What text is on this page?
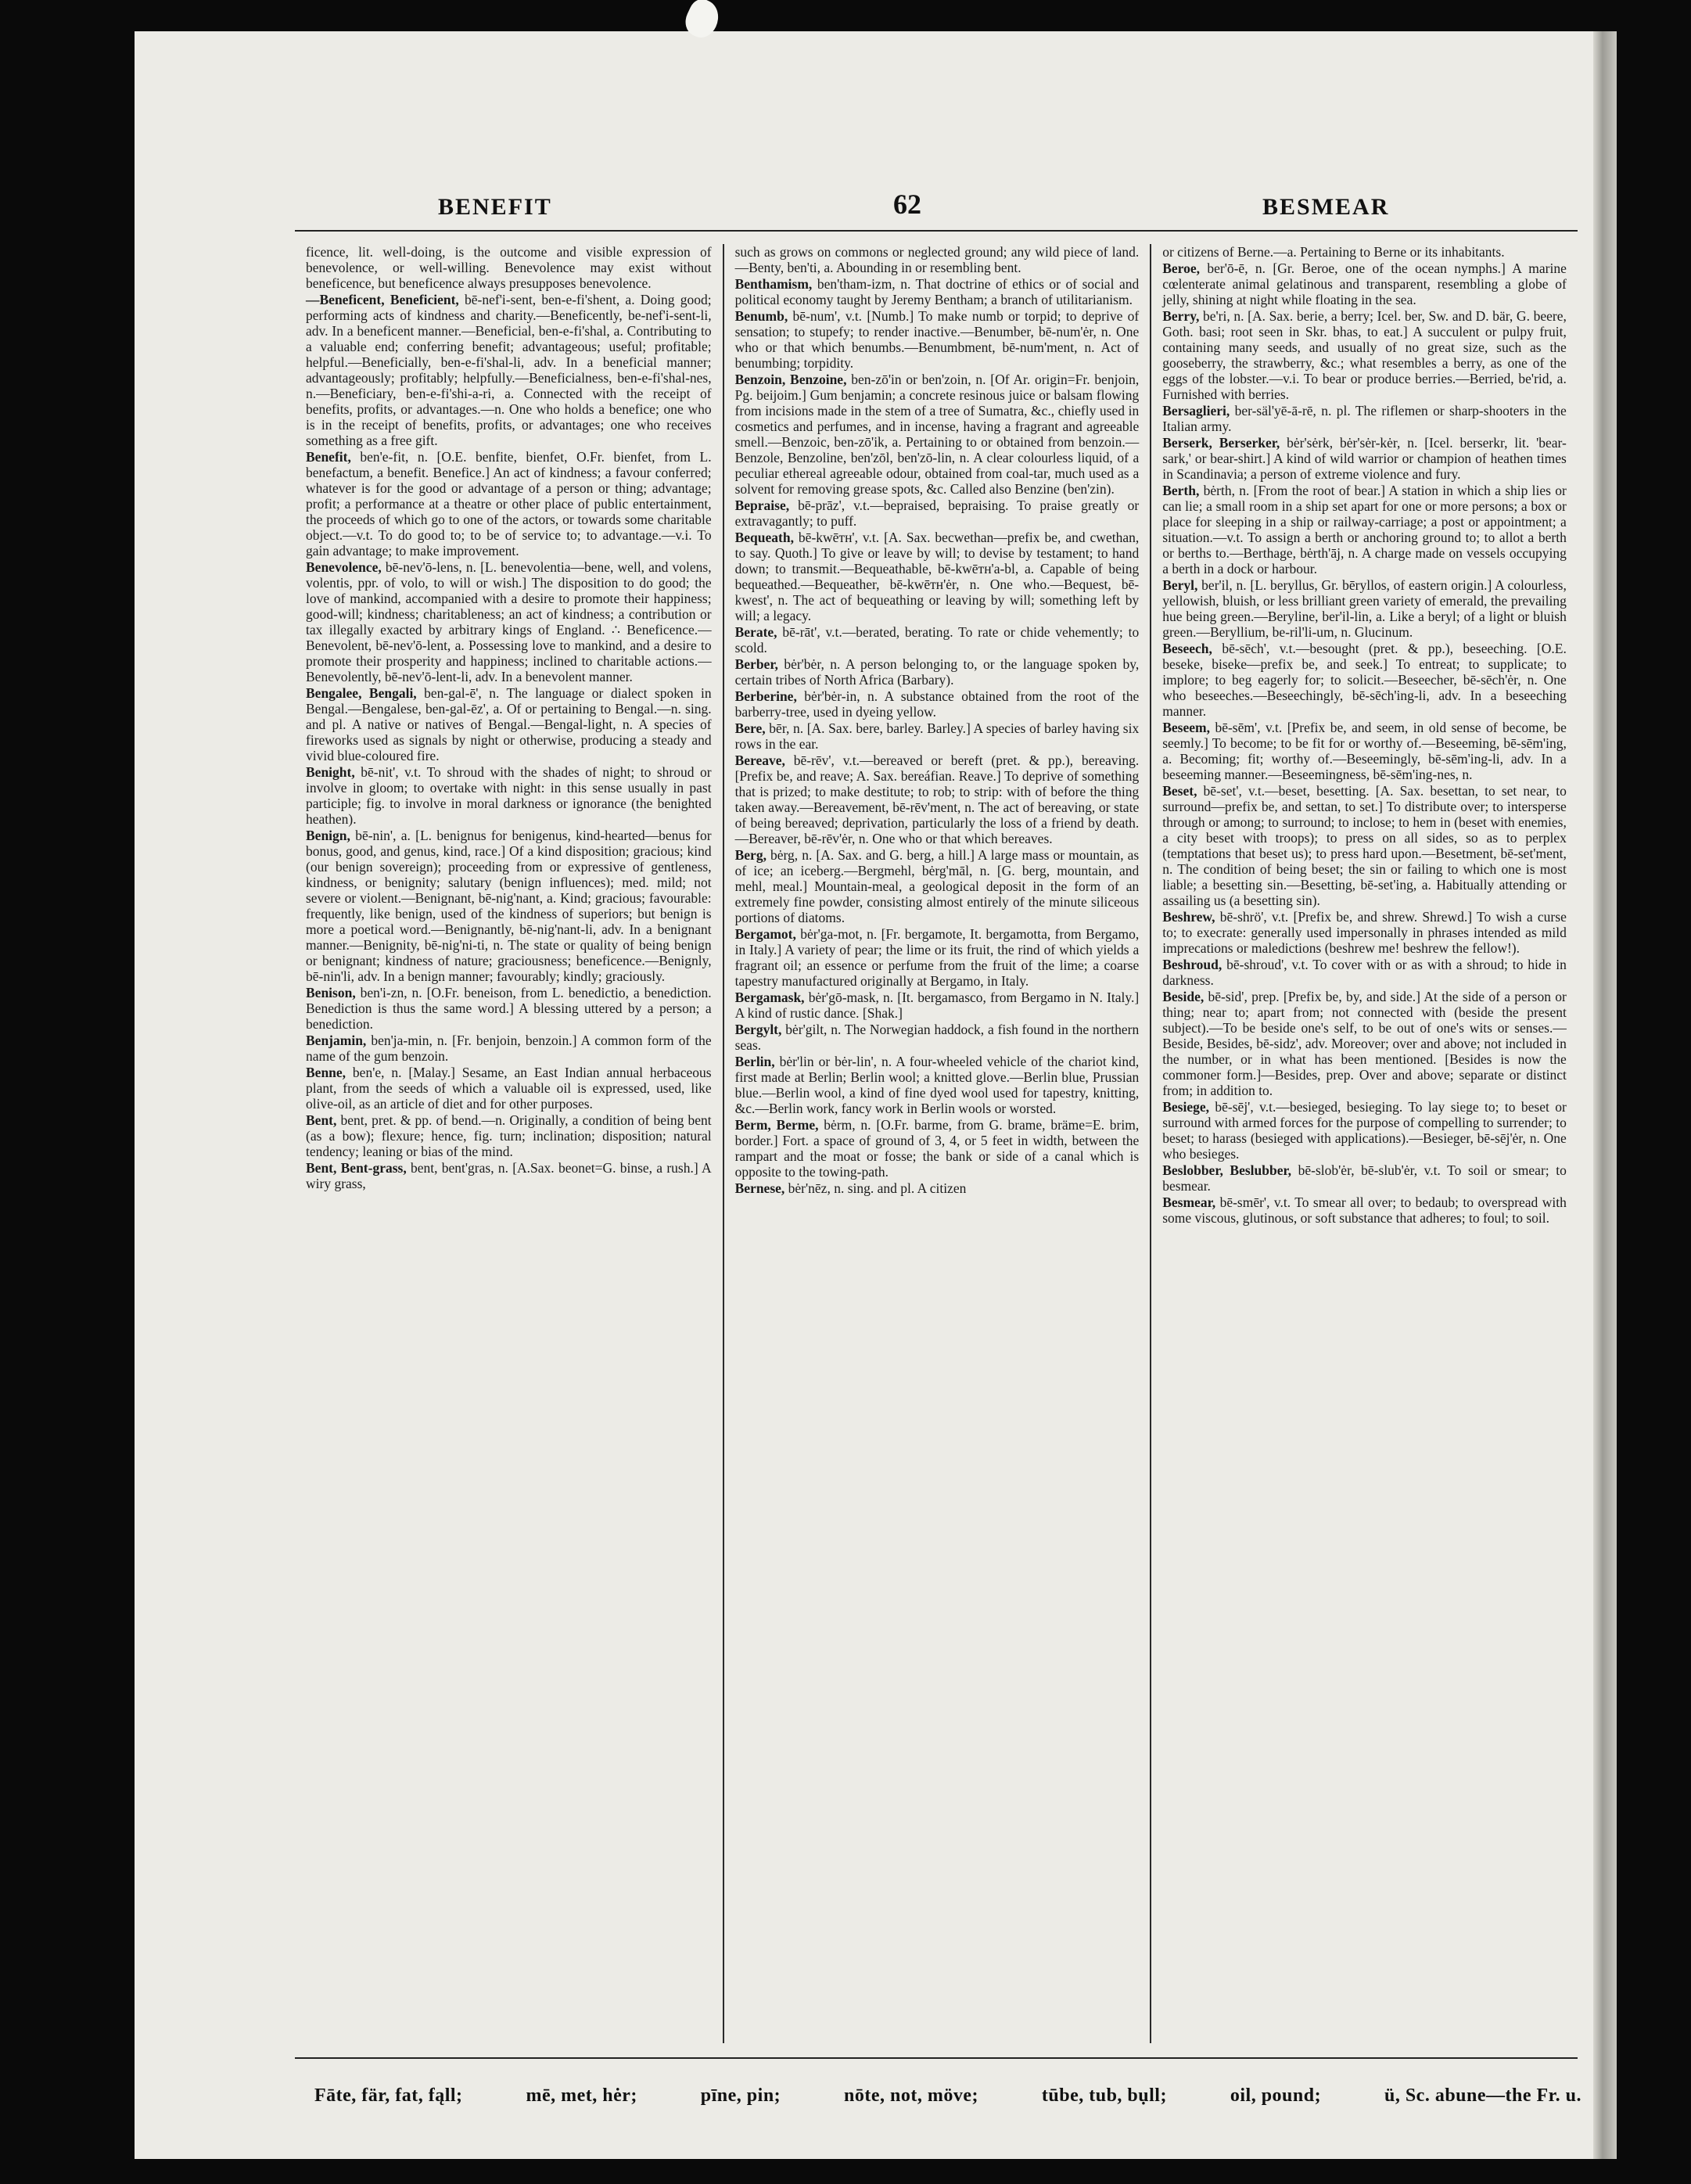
BENEFIT	62	BESMEAR

ficence, lit. well-doing, is the outcome and visible expression of benevolence, or well-willing. Benevolence may exist without beneficence, but beneficence always presupposes benevolence.

—Beneficent, Beneficient, bē-nef'i-sent, ben-e-fi'shent, a. Doing good; performing acts of kindness and charity.—Beneficently, be-nef'i-sent-li, adv. In a beneficent manner.—Beneficial, ben-e-fi'shal, a. Contributing to a valuable end; conferring benefit; advantageous; useful; profitable; helpful.—Beneficially, ben-e-fi'shal-li, adv. In a beneficial manner; advantageously; profitably; helpfully.—Beneficialness, ben-e-fi'shal-nes, n.—Beneficiary, ben-e-fi'shi-a-ri, a. Connected with the receipt of benefits, profits, or advantages.—n. One who holds a benefice; one who is in the receipt of benefits, profits, or advantages; one who receives something as a free gift.

Benefit, ben'e-fit, n. [O.E. benfite, bienfet, O.Fr. bienfet, from L. benefactum, a benefit. Benefice.] An act of kindness; a favour conferred; whatever is for the good or advantage of a person or thing; advantage; profit; a performance at a theatre or other place of public entertainment, the proceeds of which go to one of the actors, or towards some charitable object.—v.t. To do good to; to be of service to; to advantage.—v.i. To gain advantage; to make improvement.

Benevolence, bē-nev'ō-lens, n. [L. benevolentia—bene, well, and volens, volentis, ppr. of volo, to will or wish.] The disposition to do good; the love of mankind, accompanied with a desire to promote their happiness; good-will; kindness; charitableness; an act of kindness; a contribution or tax illegally exacted by arbitrary kings of England. ∴ Beneficence.—Benevolent, bē-nev'ō-lent, a. Possessing love to mankind, and a desire to promote their prosperity and happiness; inclined to charitable actions.—Benevolently, bē-nev'ō-lent-li, adv. In a benevolent manner.

Bengalee, Bengali, ben-gal-ē', n. The language or dialect spoken in Bengal.—Bengalese, ben-gal-ēz', a. Of or pertaining to Bengal.—n. sing. and pl. A native or natives of Bengal.—Bengal-light, n. A species of fireworks used as signals by night or otherwise, producing a steady and vivid blue-coloured fire.

Benight, bē-nit', v.t. To shroud with the shades of night; to shroud or involve in gloom; to overtake with night: in this sense usually in past participle; fig. to involve in moral darkness or ignorance (the benighted heathen).

Benign, bē-nin', a. [L. benignus for benigenus, kind-hearted—benus for bonus, good, and genus, kind, race.] Of a kind disposition; gracious; kind (our benign sovereign); proceeding from or expressive of gentleness, kindness, or benignity; salutary (benign influences); med. mild; not severe or violent.—Benignant, bē-nig'nant, a. Kind; gracious; favourable: frequently, like benign, used of the kindness of superiors; but benign is more a poetical word.—Benignantly, bē-nig'nant-li, adv. In a benignant manner.—Benignity, bē-nig'ni-ti, n. The state or quality of being benign or benignant; kindness of nature; graciousness; beneficence.—Benignly, bē-nin'li, adv. In a benign manner; favourably; kindly; graciously.

Benison, ben'i-zn, n. [O.Fr. beneison, from L. benedictio, a benediction. Benediction is thus the same word.] A blessing uttered by a person; a benediction.

Benjamin, ben'ja-min, n. [Fr. benjoin, benzoin.] A common form of the name of the gum benzoin.

Benne, ben'e, n. [Malay.] Sesame, an East Indian annual herbaceous plant, from the seeds of which a valuable oil is expressed, used, like olive-oil, as an article of diet and for other purposes.

Bent, bent, pret. & pp. of bend.—n. Originally, a condition of being bent (as a bow); flexure; hence, fig. turn; inclination; disposition; natural tendency; leaning or bias of the mind.

Bent, Bent-grass, bent, bent'gras, n. [A.Sax. beonet=G. binse, a rush.] A wiry grass,

such as grows on commons or neglected ground; any wild piece of land.—Benty, ben'ti, a. Abounding in or resembling bent.

Benthamism, ben'tham-izm, n. That doctrine of ethics or of social and political economy taught by Jeremy Bentham; a branch of utilitarianism.

Benumb, bē-num', v.t. [Numb.] To make numb or torpid; to deprive of sensation; to stupefy; to render inactive.—Benumber, bē-num'ėr, n. One who or that which benumbs.—Benumbment, bē-num'ment, n. Act of benumbing; torpidity.

Benzoin, Benzoine, ben-zō'in or ben'zoin, n. [Of Ar. origin=Fr. benjoin, Pg. beijoim.] Gum benjamin; a concrete resinous juice or balsam flowing from incisions made in the stem of a tree of Sumatra, &c., chiefly used in cosmetics and perfumes, and in incense, having a fragrant and agreeable smell.—Benzoic, ben-zō'ik, a. Pertaining to or obtained from benzoin.—Benzole, Benzoline, ben'zōl, ben'zō-lin, n. A clear colourless liquid, of a peculiar ethereal agreeable odour, obtained from coal-tar, much used as a solvent for removing grease spots, &c. Called also Benzine (ben'zin).

Bepraise, bē-prāz', v.t.—bepraised, bepraising. To praise greatly or extravagantly; to puff.

Bequeath, bē-kwēᴛʜ', v.t. [A. Sax. becwethan—prefix be, and cwethan, to say. Quoth.] To give or leave by will; to devise by testament; to hand down; to transmit.—Bequeathable, bē-kwēᴛʜ'a-bl, a. Capable of being bequeathed.—Bequeather, bē-kwēᴛʜ'ėr, n. One who.—Bequest, bē-kwest', n. The act of bequeathing or leaving by will; something left by will; a legacy.

Berate, bē-rāt', v.t.—berated, berating. To rate or chide vehemently; to scold.

Berber, bėr'bėr, n. A person belonging to, or the language spoken by, certain tribes of North Africa (Barbary).

Berberine, bėr'bėr-in, n. A substance obtained from the root of the barberry-tree, used in dyeing yellow.

Bere, bēr, n. [A. Sax. bere, barley. Barley.] A species of barley having six rows in the ear.

Bereave, bē-rēv', v.t.—bereaved or bereft (pret. & pp.), bereaving. [Prefix be, and reave; A. Sax. bereáfian. Reave.] To deprive of something that is prized; to make destitute; to rob; to strip: with of before the thing taken away.—Bereavement, bē-rēv'ment, n. The act of bereaving, or state of being bereaved; deprivation, particularly the loss of a friend by death.—Bereaver, bē-rēv'ėr, n. One who or that which bereaves.

Berg, bėrg, n. [A. Sax. and G. berg, a hill.] A large mass or mountain, as of ice; an iceberg.—Bergmehl, bėrg'māl, n. [G. berg, mountain, and mehl, meal.] Mountain-meal, a geological deposit in the form of an extremely fine powder, consisting almost entirely of the minute siliceous portions of diatoms.

Bergamot, bėr'ga-mot, n. [Fr. bergamote, It. bergamotta, from Bergamo, in Italy.] A variety of pear; the lime or its fruit, the rind of which yields a fragrant oil; an essence or perfume from the fruit of the lime; a coarse tapestry manufactured originally at Bergamo, in Italy.

Bergamask, bėr'gō-mask, n. [It. bergamasco, from Bergamo in N. Italy.] A kind of rustic dance. [Shak.]

Bergylt, bėr'gilt, n. The Norwegian haddock, a fish found in the northern seas.

Berlin, bėr'lin or bėr-lin', n. A four-wheeled vehicle of the chariot kind, first made at Berlin; Berlin wool; a knitted glove.—Berlin blue, Prussian blue.—Berlin wool, a kind of fine dyed wool used for tapestry, knitting, &c.—Berlin work, fancy work in Berlin wools or worsted.

Berm, Berme, bėrm, n. [O.Fr. barme, from G. brame, bräme=E. brim, border.] Fort. a space of ground of 3, 4, or 5 feet in width, between the rampart and the moat or fosse; the bank or side of a canal which is opposite to the towing-path.

Bernese, bėr'nēz, n. sing. and pl. A citizen

or citizens of Berne.—a. Pertaining to Berne or its inhabitants.

Beroe, ber'ō-ē, n. [Gr. Beroe, one of the ocean nymphs.] A marine cœlenterate animal gelatinous and transparent, resembling a globe of jelly, shining at night while floating in the sea.

Berry, be'ri, n. [A. Sax. berie, a berry; Icel. ber, Sw. and D. bär, G. beere, Goth. basi; root seen in Skr. bhas, to eat.] A succulent or pulpy fruit, containing many seeds, and usually of no great size, such as the gooseberry, the strawberry, &c.; what resembles a berry, as one of the eggs of the lobster.—v.i. To bear or produce berries.—Berried, be'rid, a. Furnished with berries.

Bersaglieri, ber-säl'yē-ā-rē, n. pl. The riflemen or sharp-shooters in the Italian army.

Berserk, Berserker, bėr'sėrk, bėr'sėr-kėr, n. [Icel. berserkr, lit. 'bear-sark,' or bear-shirt.] A kind of wild warrior or champion of heathen times in Scandinavia; a person of extreme violence and fury.

Berth, bėrth, n. [From the root of bear.] A station in which a ship lies or can lie; a small room in a ship set apart for one or more persons; a box or place for sleeping in a ship or railway-carriage; a post or appointment; a situation.—v.t. To assign a berth or anchoring ground to; to allot a berth or berths to.—Berthage, bėrth'āj, n. A charge made on vessels occupying a berth in a dock or harbour.

Beryl, ber'il, n. [L. beryllus, Gr. bēryllos, of eastern origin.] A colourless, yellowish, bluish, or less brilliant green variety of emerald, the prevailing hue being green.—Beryline, ber'il-lin, a. Like a beryl; of a light or bluish green.—Beryllium, be-ril'li-um, n. Glucinum.

Beseech, bē-sēch', v.t.—besought (pret. & pp.), beseeching. [O.E. beseke, biseke—prefix be, and seek.] To entreat; to supplicate; to implore; to beg eagerly for; to solicit.—Beseecher, bē-sēch'ėr, n. One who beseeches.—Beseechingly, bē-sēch'ing-li, adv. In a beseeching manner.

Beseem, bē-sēm', v.t. [Prefix be, and seem, in old sense of become, be seemly.] To become; to be fit for or worthy of.—Beseeming, bē-sēm'ing, a. Becoming; fit; worthy of.—Beseemingly, bē-sēm'ing-li, adv. In a beseeming manner.—Beseemingness, bē-sēm'ing-nes, n.

Beset, bē-set', v.t.—beset, besetting. [A. Sax. besettan, to set near, to surround—prefix be, and settan, to set.] To distribute over; to intersperse through or among; to surround; to inclose; to hem in (beset with enemies, a city beset with troops); to press on all sides, so as to perplex (temptations that beset us); to press hard upon.—Besetment, bē-set'ment, n. The condition of being beset; the sin or failing to which one is most liable; a besetting sin.—Besetting, bē-set'ing, a. Habitually attending or assailing us (a besetting sin).

Beshrew, bē-shrö', v.t. [Prefix be, and shrew. Shrewd.] To wish a curse to; to execrate: generally used impersonally in phrases intended as mild imprecations or maledictions (beshrew me! beshrew the fellow!).

Beshroud, bē-shroud', v.t. To cover with or as with a shroud; to hide in darkness.

Beside, bē-sid', prep. [Prefix be, by, and side.] At the side of a person or thing; near to; apart from; not connected with (beside the present subject).—To be beside one's self, to be out of one's wits or senses.—Beside, Besides, bē-sidz', adv. Moreover; over and above; not included in the number, or in what has been mentioned. [Besides is now the commoner form.]—Besides, prep. Over and above; separate or distinct from; in addition to.

Besiege, bē-sēj', v.t.—besieged, besieging. To lay siege to; to beset or surround with armed forces for the purpose of compelling to surrender; to beset; to harass (besieged with applications).—Besieger, bē-sēj'ėr, n. One who besieges.

Beslobber, Beslubber, bē-slob'ėr, bē-slub'ėr, v.t. To soil or smear; to besmear.

Besmear, bē-smēr', v.t. To smear all over; to bedaub; to overspread with some viscous, glutinous, or soft substance that adheres; to foul; to soil.

Fāte, fär, fat, fąll;	mē, met, hėr;	pīne, pin;	nōte, not, möve;	tūbe, tub, bụll;	oil, pound;	ü, Sc. abune—the Fr. u.
